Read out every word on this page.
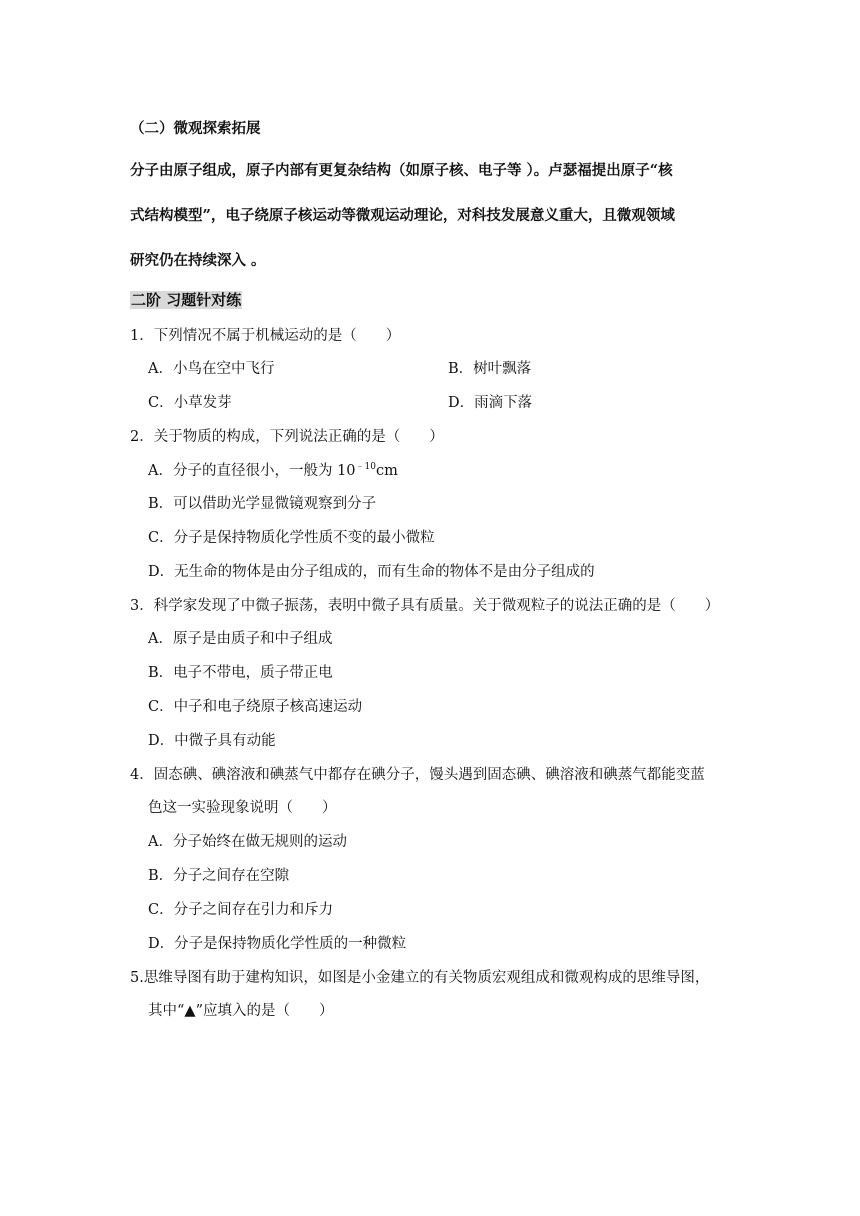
（二）微观探索拓展
分子由原子组成，原子内部有更复杂结构（如原子核、电子等 ）。卢瑟福提出原子“核
式结构模型”，电子绕原子核运动等微观运动理论，对科技发展意义重大，且微观领域
研究仍在持续深入 。
二阶 习题针对练
1．下列情况不属于机械运动的是（　　）
A．小鸟在空中飞行	B．树叶飘落
C．小草发芽	D．雨滴下落
2．关于物质的构成，下列说法正确的是（　　）
A．分子的直径很小，一般为 $10^{﹣10}cm$
B．可以借助光学显微镜观察到分子
C．分子是保持物质化学性质不变的最小微粒
D．无生命的物体是由分子组成的，而有生命的物体不是由分子组成的
3．科学家发现了中微子振荡，表明中微子具有质量。关于微观粒子的说法正确的是（　　）
A．原子是由质子和中子组成
B．电子不带电，质子带正电
C．中子和电子绕原子核高速运动
D．中微子具有动能
4．固态碘、碘溶液和碘蒸气中都存在碘分子，馒头遇到固态碘、碘溶液和碘蒸气都能变蓝
色这一实验现象说明（　　）
A．分子始终在做无规则的运动
B．分子之间存在空隙
C．分子之间存在引力和斥力
D．分子是保持物质化学性质的一种微粒
5.思维导图有助于建构知识，如图是小金建立的有关物质宏观组成和微观构成的思维导图，
其中“▲”应填入的是（　　）
